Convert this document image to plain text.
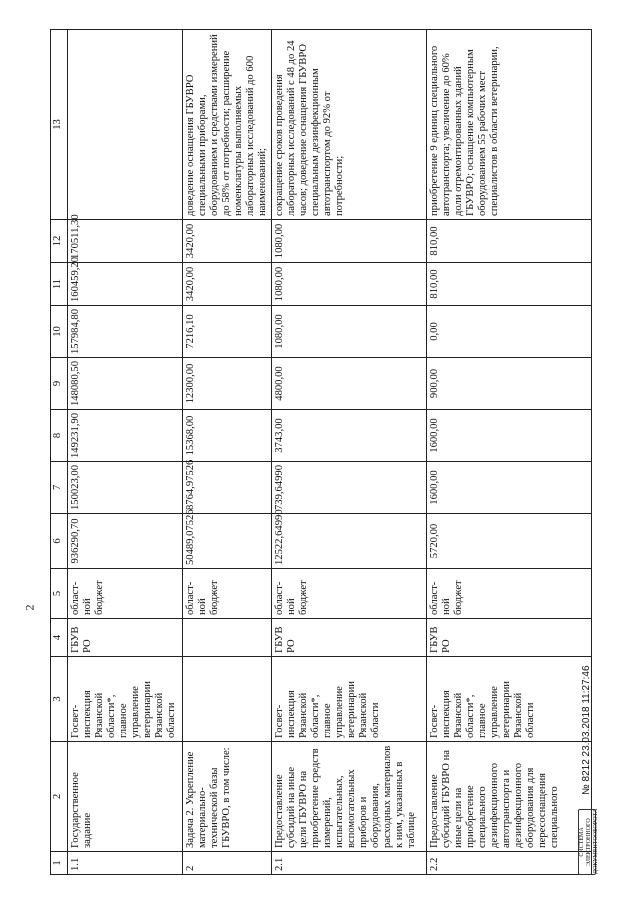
2
1	2	3	4	5	6	7	8	9	10	11	12	13
1.1	Государственное задание	Госвет-инспекция Рязанской области*, главное управление ветеринарии Рязанской области	ГБУВРО	област-ной бюджет	936290,70	150023,00	149231,90	148080,50	157984,80	160459,20	170511,30	
2	Задача 2. Укрепление материально-технической базы ГБУВРО, в том числе:			област-ной бюджет	50489,07526	8764,97526	15368,00	12300,00	7216,10	3420,00	3420,00	доведение оснащения ГБУВРО специальными приборами, оборудованием и средствами измерений до 58% от потребности; расширение номенклатуры выполняемых лабораторных исследований до 600 наименований;
2.1	Предоставление субсидий на иные цели ГБУВРО на приобретение средств измерений, испытательных, вспомогательных приборов и оборудования, расходных материалов к ним, указанных в таблице	Госвет-инспекция Рязанской области*, главное управление ветеринарии Рязанской области	ГБУВРО	област-ной бюджет	12522,64990	739,64990	3743,00	4800,00	1080,00	1080,00	1080,00	сокращение сроков проведения лабораторных исследований с 48 до 24 часов; доведение оснащения ГБУВРО специальным дезинфекционным автотранспортом до 92% от потребности;
2.2	Предоставление субсидий ГБУВРО на иные цели на приобретение специального дезинфекционного автотранспорта и дезинфекционного оборудования для пересоснащения специального	Госвет-инспекция Рязанской области*, главное управление ветеринарии Рязанской области	ГБУВРО	област-ной бюджет	5720,00	1600,00	1600,00	900,00	0,00	810,00	810,00	приобретение 9 единиц специального автотранспорта; увеличение до 60% доли отремонтированных зданий ГБУВРО; оснащение компьютерным оборудованием 55 рабочих мест специалистов в области ветеринарии,
СИСТЕМА ЭЛЕКТРОННОГО ДОКУМЕНТООБОРОТА
№ 8212 23.03.2018 11:27:46
